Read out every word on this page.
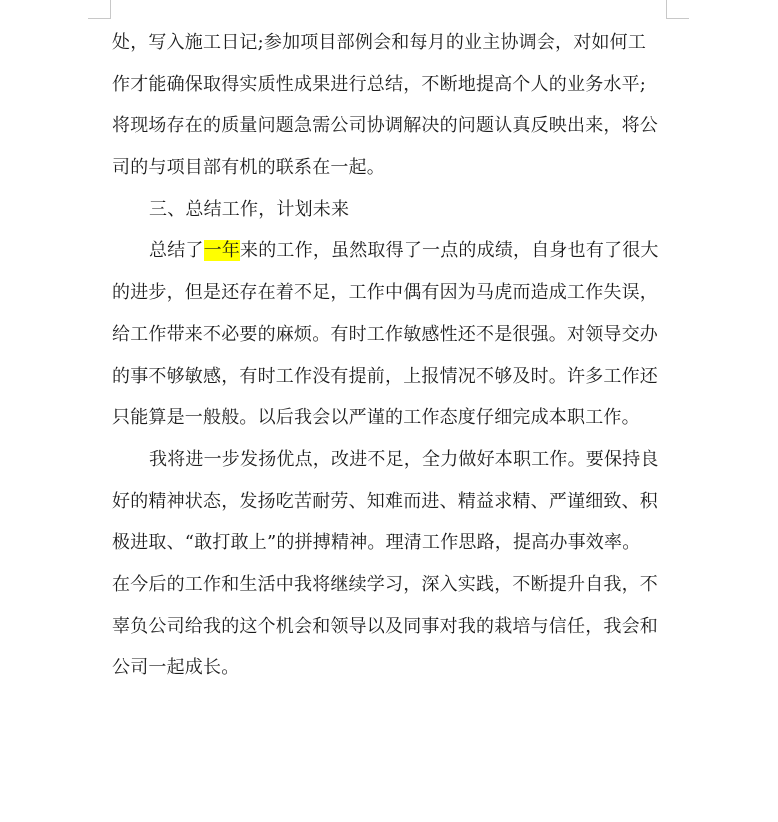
处，写入施工日记;参加项目部例会和每月的业主协调会，对如何工
作才能确保取得实质性成果进行总结，不断地提高个人的业务水平;
将现场存在的质量问题急需公司协调解决的问题认真反映出来，将公
司的与项目部有机的联系在一起。
三、总结工作，计划未来
总结了一年来的工作，虽然取得了一点的成绩，自身也有了很大
的进步，但是还存在着不足，工作中偶有因为马虎而造成工作失误，
给工作带来不必要的麻烦。有时工作敏感性还不是很强。对领导交办
的事不够敏感，有时工作没有提前，上报情况不够及时。许多工作还
只能算是一般般。以后我会以严谨的工作态度仔细完成本职工作。
我将进一步发扬优点，改进不足，全力做好本职工作。要保持良
好的精神状态，发扬吃苦耐劳、知难而进、精益求精、严谨细致、积
极进取、“敢打敢上”的拼搏精神。理清工作思路，提高办事效率。
在今后的工作和生活中我将继续学习，深入实践，不断提升自我，不
辜负公司给我的这个机会和领导以及同事对我的栽培与信任，我会和
公司一起成长。
